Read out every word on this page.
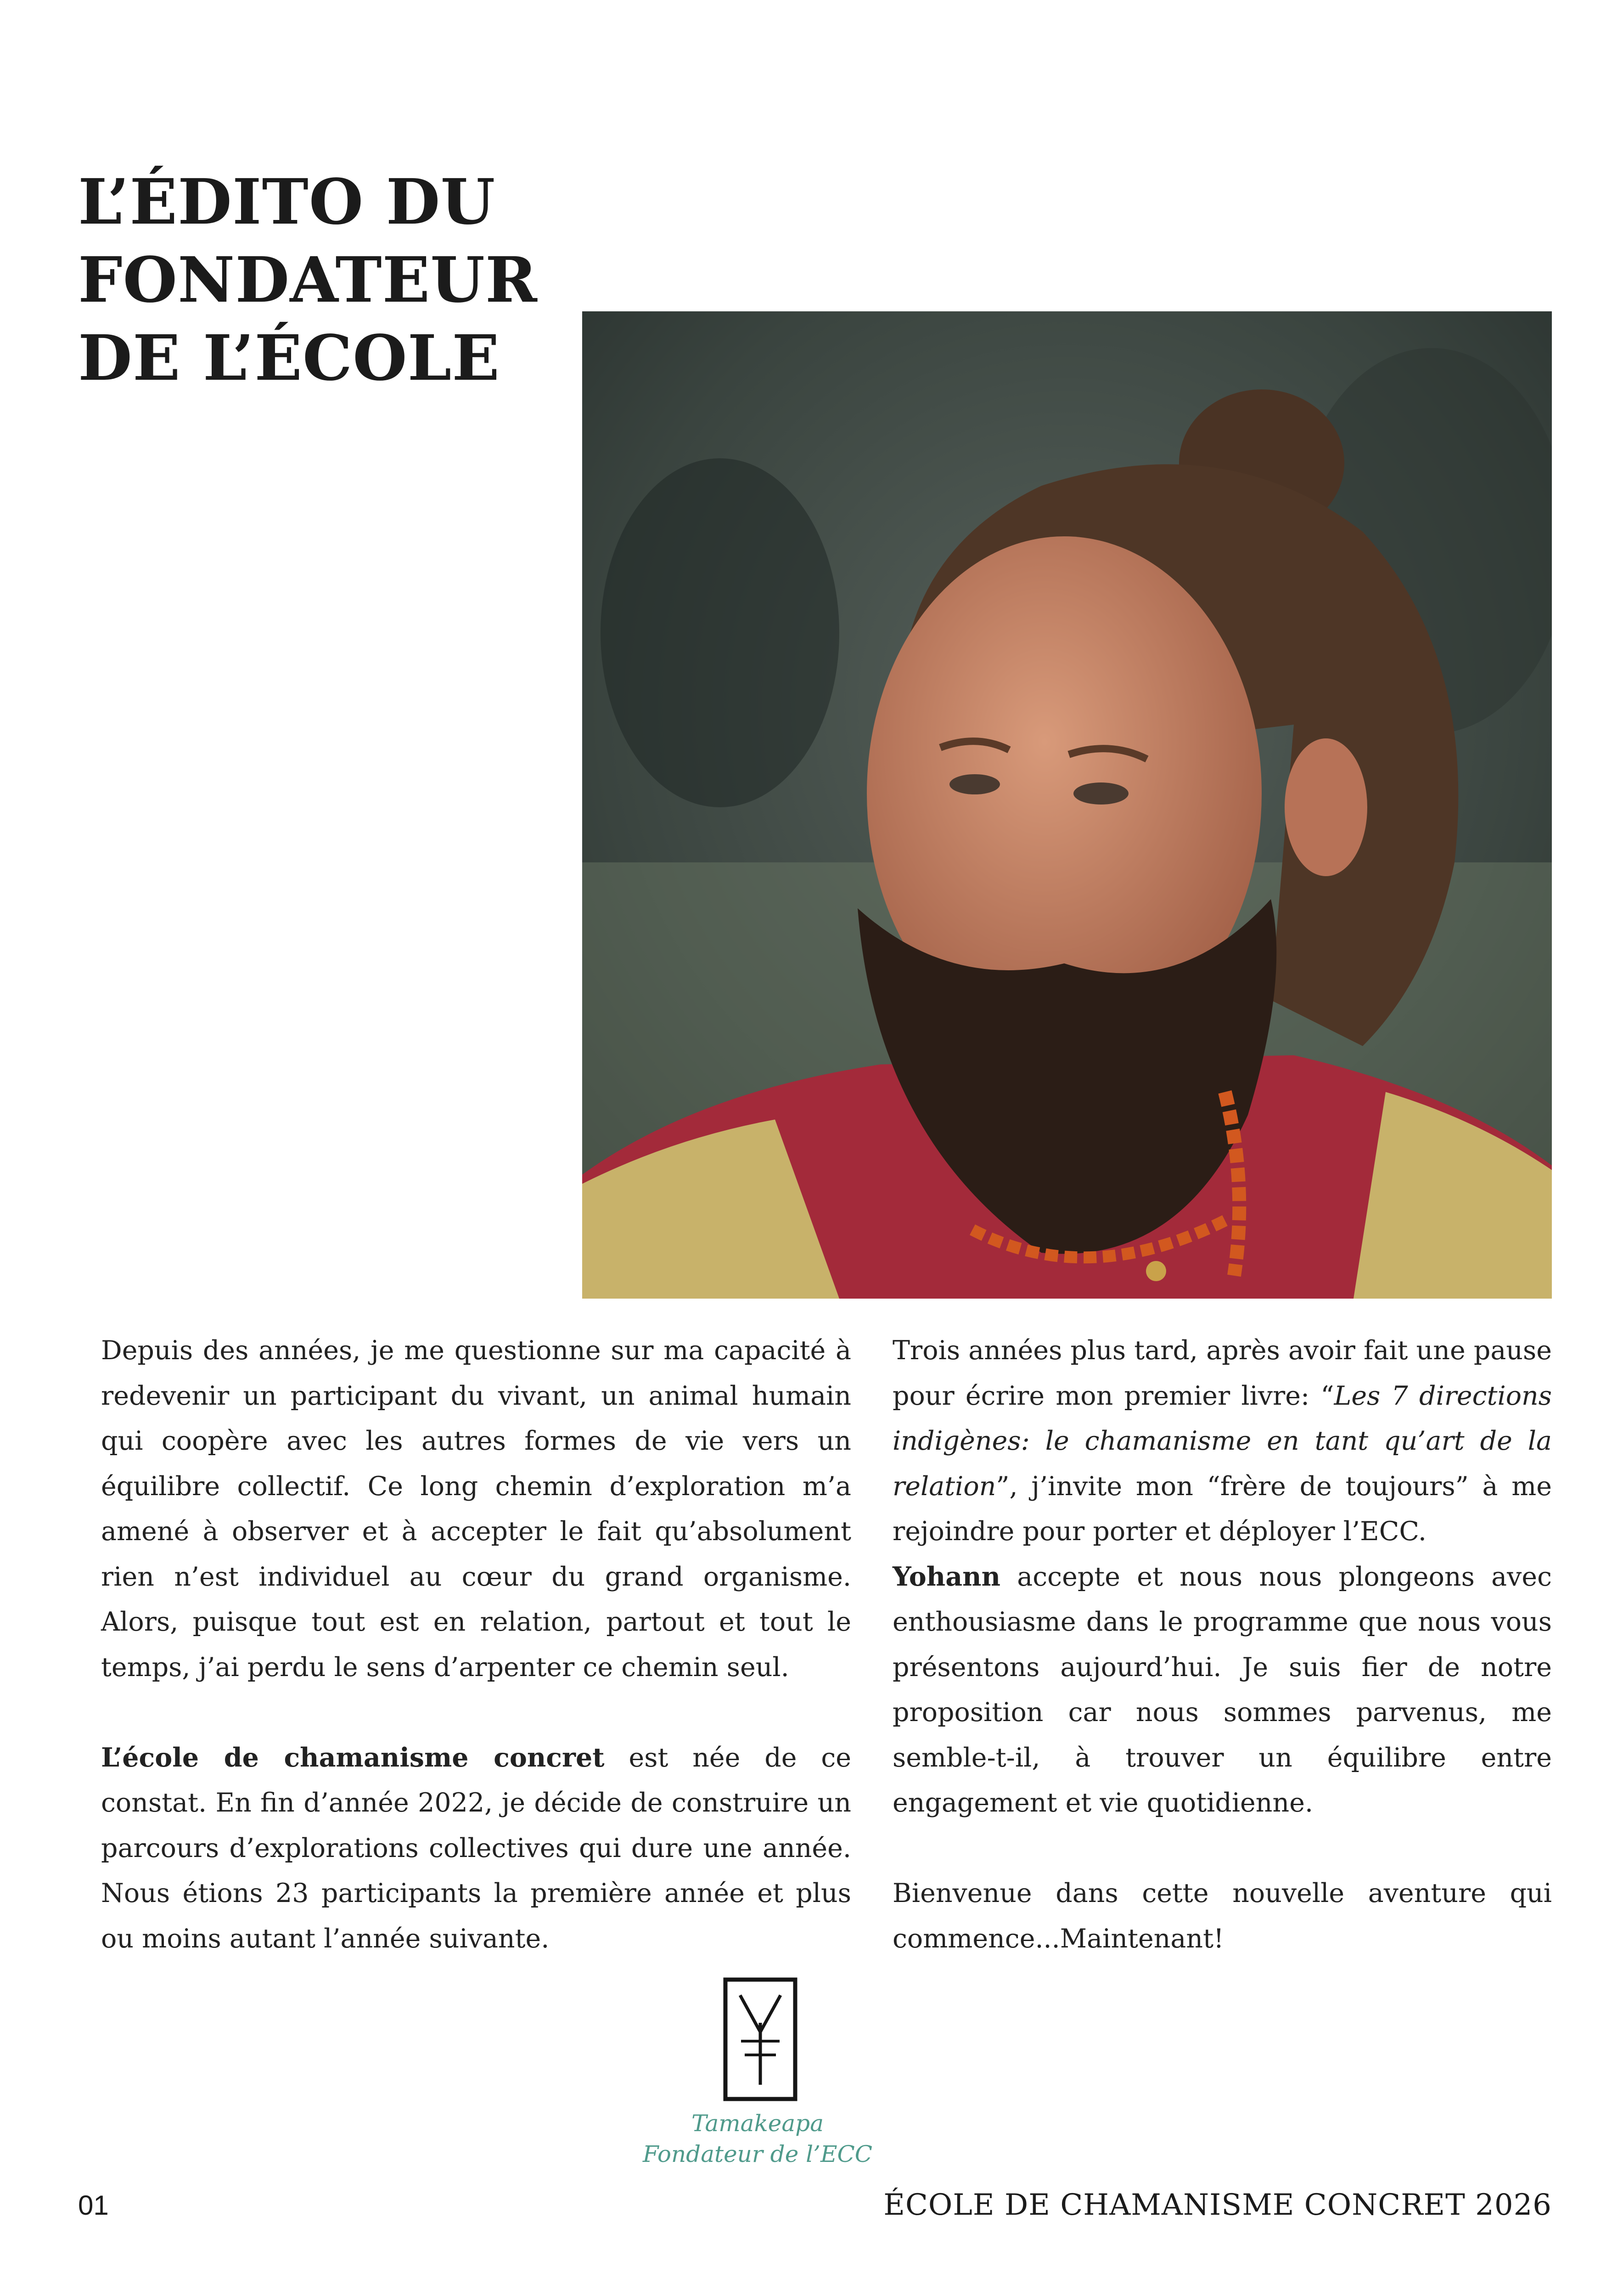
L’ÉDITO DU
FONDATEUR
DE L’ÉCOLE

Depuis des années, je me questionne sur ma capacité à redevenir un participant du vivant, un animal humain qui coopère avec les autres formes de vie vers un équilibre collectif. Ce long chemin d’exploration m’a amené à observer et à accepter le fait qu’absolument rien n’est individuel au cœur du grand organisme. Alors, puisque tout est en relation, partout et tout le temps, j’ai perdu le sens d’arpenter ce chemin seul.

L’école de chamanisme concret est née de ce constat. En fin d’année 2022, je décide de construire un parcours d’explorations collectives qui dure une année. Nous étions 23 participants la première année et plus ou moins autant l’année suivante.

Trois années plus tard, après avoir fait une pause pour écrire mon premier livre: “Les 7 directions indigènes: le chamanisme en tant qu’art de la relation”, j’invite mon “frère de toujours” à me rejoindre pour porter et déployer l’ECC.

Yohann accepte et nous nous plongeons avec enthousiasme dans le programme que nous vous présentons aujourd’hui. Je suis fier de notre proposition car nous sommes parvenus, me semble-t-il, à trouver un équilibre entre engagement et vie quotidienne.

Bienvenue dans cette nouvelle aventure qui commence...Maintenant!

Tamakeapa
Fondateur de l’ECC
01	ÉCOLE DE CHAMANISME CONCRET 2026
